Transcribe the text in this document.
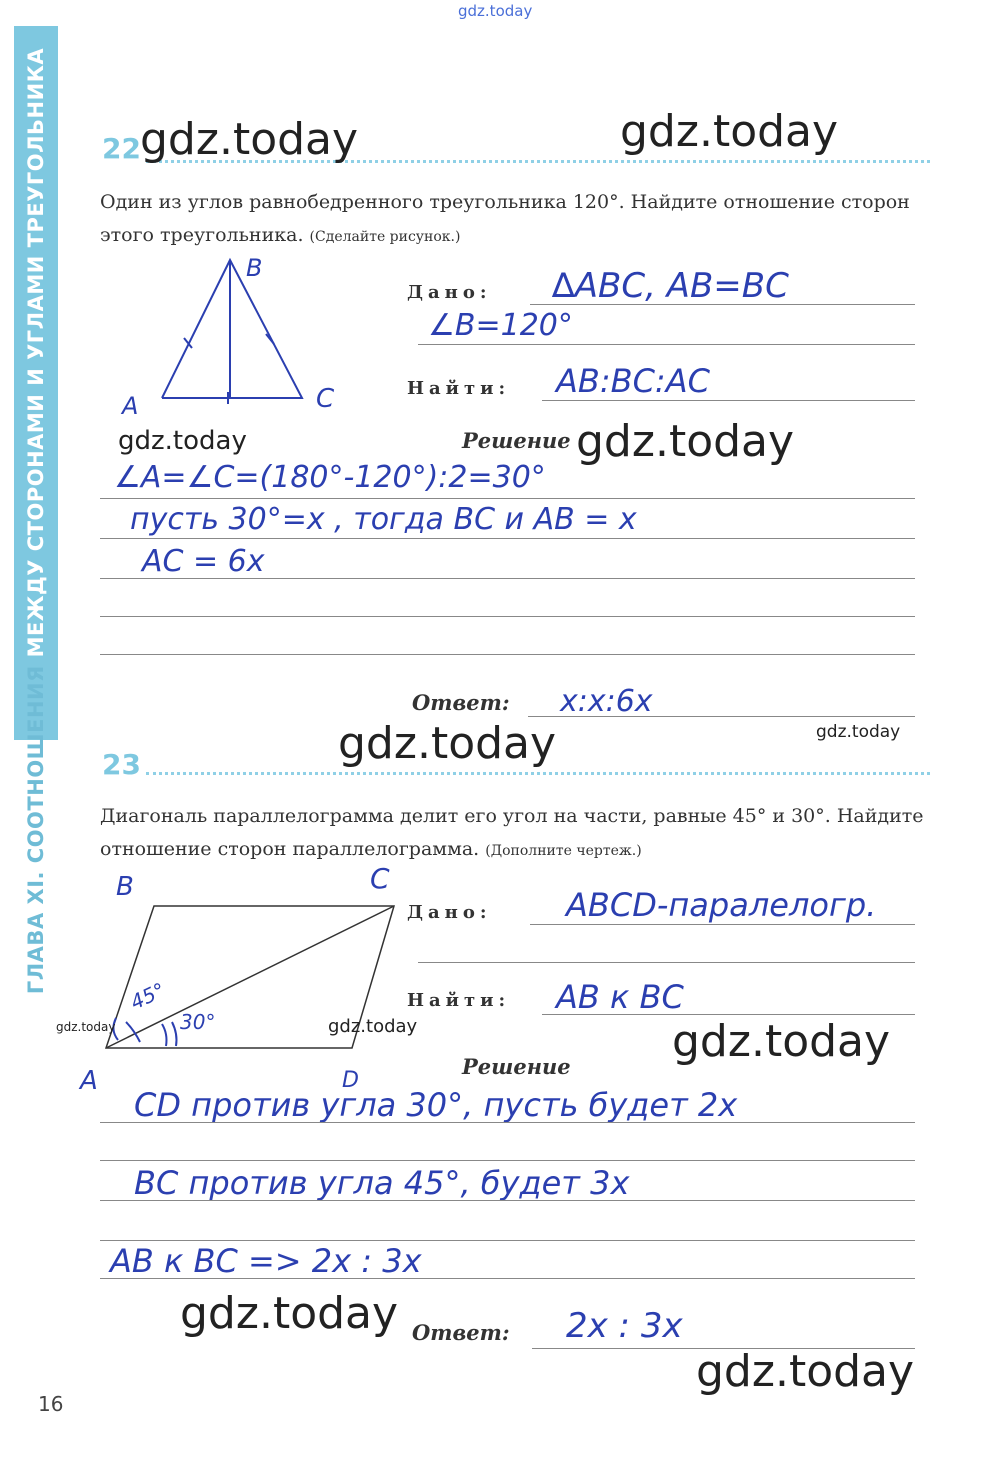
gdz.today
ГЛАВА XI. СООТНОШЕНИЯ МЕЖДУ СТОРОНАМИ И УГЛАМИ ТРЕУГОЛЬНИКА 22
Один из углов равнобедренного треугольника 120°. Найдите отношение сторон этого треугольника. (Сделайте рисунок.)
B
A	C
Дано: ∆ABC, AB=BC
∠B=120°
Найти: AB:BC:AC
Решение
∠A=∠C=(180°-120°):2=30°
пусть 30°=x , тогда BC и AB = x
AC = 6x
Ответ: x:x:6x
23
Диагональ параллелограмма делит его угол на части, равные 45° и 30°. Найдите отношение сторон параллелограмма. (Дополните чертеж.)
B	C
A	D
45°
30°
Дано: ABCD-паралелогр.
Найти: AB к BC
Решение
CD против угла 30°, пусть будет 2x
BC против угла 45°, будет 3x
AB к BC => 2x : 3x
Ответ: 2x : 3x
gdz.today	gdz.today
gdz.today	gdz.today
gdz.today	gdz.today
gdz.today	gdz.today	gdz.today
gdz.today
gdz.today
16
